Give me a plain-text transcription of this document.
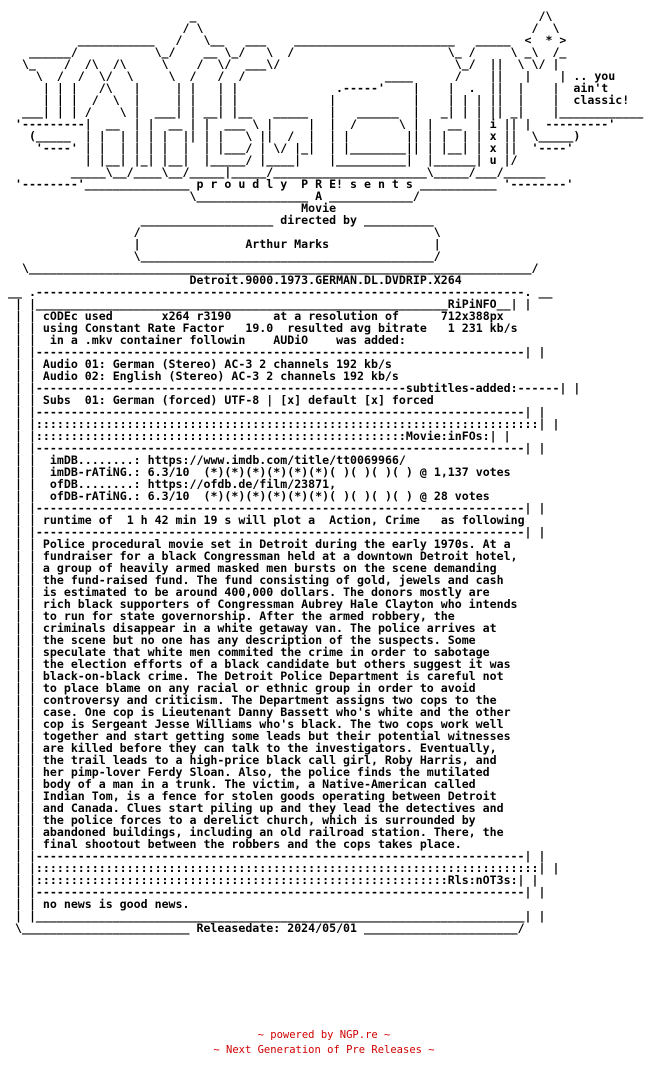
_                                                 /\
/ \                                               /  \
___________   /   \__   ___    _______________________   _____  <  * >
______/           \_/    __ \_/   \  /                      \_ /     \ _\  /_
\_    /  /\  /\     \    /  \/  ___\/                         \_/  ||  \ \/ |
\  /  /  \/  \     \  /   /  /                    ____      /    ||   |    | .. you
| | |   /\   |     | |   | |              .-----'    |    |  .  ||  |    |  ain't
| | |  /  \  |     | |   | |             |           |    | | | ||  |    |  classic!
___| | | /    \ |  ___| | __| |__   _____   |   ______  |   _| | | || _|    |____________
'---------|  __  | |  __ | |  ___ \ |     |  |  /      \ | |  __  | i || |  ---------'
(_____  | |  | | | |  || | |   \ ||  /  |  | |        || | |  | | x ||  \_____)
'----' | |  | | | |  |  | |___/ | \/ |_|  | |________|| | |__| | x ||  '----'
| |__| |_| |__|  |_____/ |____|    |__________|  |______| u |/
_____\__/____\__/_____|_____/______________________\_____/___/______
'--------'_______________ p r o u d l y  P R E! s e n t s ___________ '--------'
\________________ A ____________/
Movie
___________________ directed by __________
/                                          \
|               Arthur Marks               |
\__________________________________________/
\________________________________________________________________________/
Detroit.9000.1973.GERMAN.DL.DVDRIP.X264
__ .----------------------------------------------------------------------. __
| |___________________________________________________________RiPiNFO__| |
| | cODEc used	x264 r3190	at a resolution of	712x388px
| | using Constant Rate Factor 19.0 resulted avg bitrate 1 231 kb/s
| |  in a .mkv container followin AUDiO was added:
| |----------------------------------------------------------------------| |
| | Audio 01: German (Stereo) AC-3 2 channels 192 kb/s
| | Audio 02: English (Stereo) AC-3 2 channels 192 kb/s
| |-----------------------------------------------------subtitles-added:------| |
| | Subs  01: German (forced) UTF-8 | [x] default [x] forced
| |----------------------------------------------------------------------| |
| |::::::::::::::::::::::::::::::::::::::::::::::::::::::::::::::::::::::::| |
| |:::::::::::::::::::::::::::::::::::::::::::::::::::::Movie:inFOs:| |
| |----------------------------------------------------------------------| |
| |  imDB........: https://www.imdb.com/title/tt0069966/
| |  imDB-rATiNG.: 6.3/10 (*)(*)(*)(*)(*)(*)( )( )( )( ) @ 1,137 votes
| |  ofDB........: https://ofdb.de/film/23871,
| |  ofDB-rATiNG.: 6.3/10 (*)(*)(*)(*)(*)(*)( )( )( )( ) @ 28 votes
| |----------------------------------------------------------------------| |
| | runtime of 1 h 42 min 19 s will plot a Action, Crime as following
| |----------------------------------------------------------------------| |
| | Police procedural movie set in Detroit during the early 1970s. At a
| | fundraiser for a black Congressman held at a downtown Detroit hotel,
| | a group of heavily armed masked men bursts on the scene demanding
| | the fund-raised fund. The fund consisting of gold, jewels and cash
| | is estimated to be around 400,000 dollars. The donors mostly are
| | rich black supporters of Congressman Aubrey Hale Clayton who intends
| | to run for state governorship. After the armed robbery, the
| | criminals disappear in a white getaway van. The police arrives at
| | the scene but no one has any description of the suspects. Some
| | speculate that white men commited the crime in order to sabotage
| | the election efforts of a black candidate but others suggest it was
| | black-on-black crime. The Detroit Police Department is careful not
| | to place blame on any racial or ethnic group in order to avoid
| | controversy and criticism. The Department assigns two cops to the
| | case. One cop is Lieutenant Danny Bassett who's white and the other
| | cop is Sergeant Jesse Williams who's black. The two cops work well
| | together and start getting some leads but their potential witnesses
| | are killed before they can talk to the investigators. Eventually,
| | the trail leads to a high-price black call girl, Roby Harris, and
| | her pimp-lover Ferdy Sloan. Also, the police finds the mutilated
| | body of a man in a trunk. The victim, a Native-American called
| | Indian Tom, is a fence for stolen goods operating between Detroit
| | and Canada. Clues start piling up and they lead the detectives and
| | the police forces to a derelict church, which is surrounded by
| | abandoned buildings, including an old railroad station. There, the
| | final shootout between the robbers and the cops takes place.
| |----------------------------------------------------------------------| |
| |::::::::::::::::::::::::::::::::::::::::::::::::::::::::::::::::::::::::| |
| |:::::::::::::::::::::::::::::::::::::::::::::::::::::::::::Rls:nOT3s:| |
| |----------------------------------------------------------------------| |
| | no news is good news.
| |______________________________________________________________________| |
\________________________ Releasedate: 2024/05/01 ______________________/
~ powered by NGP.re ~
~ Next Generation of Pre Releases ~
